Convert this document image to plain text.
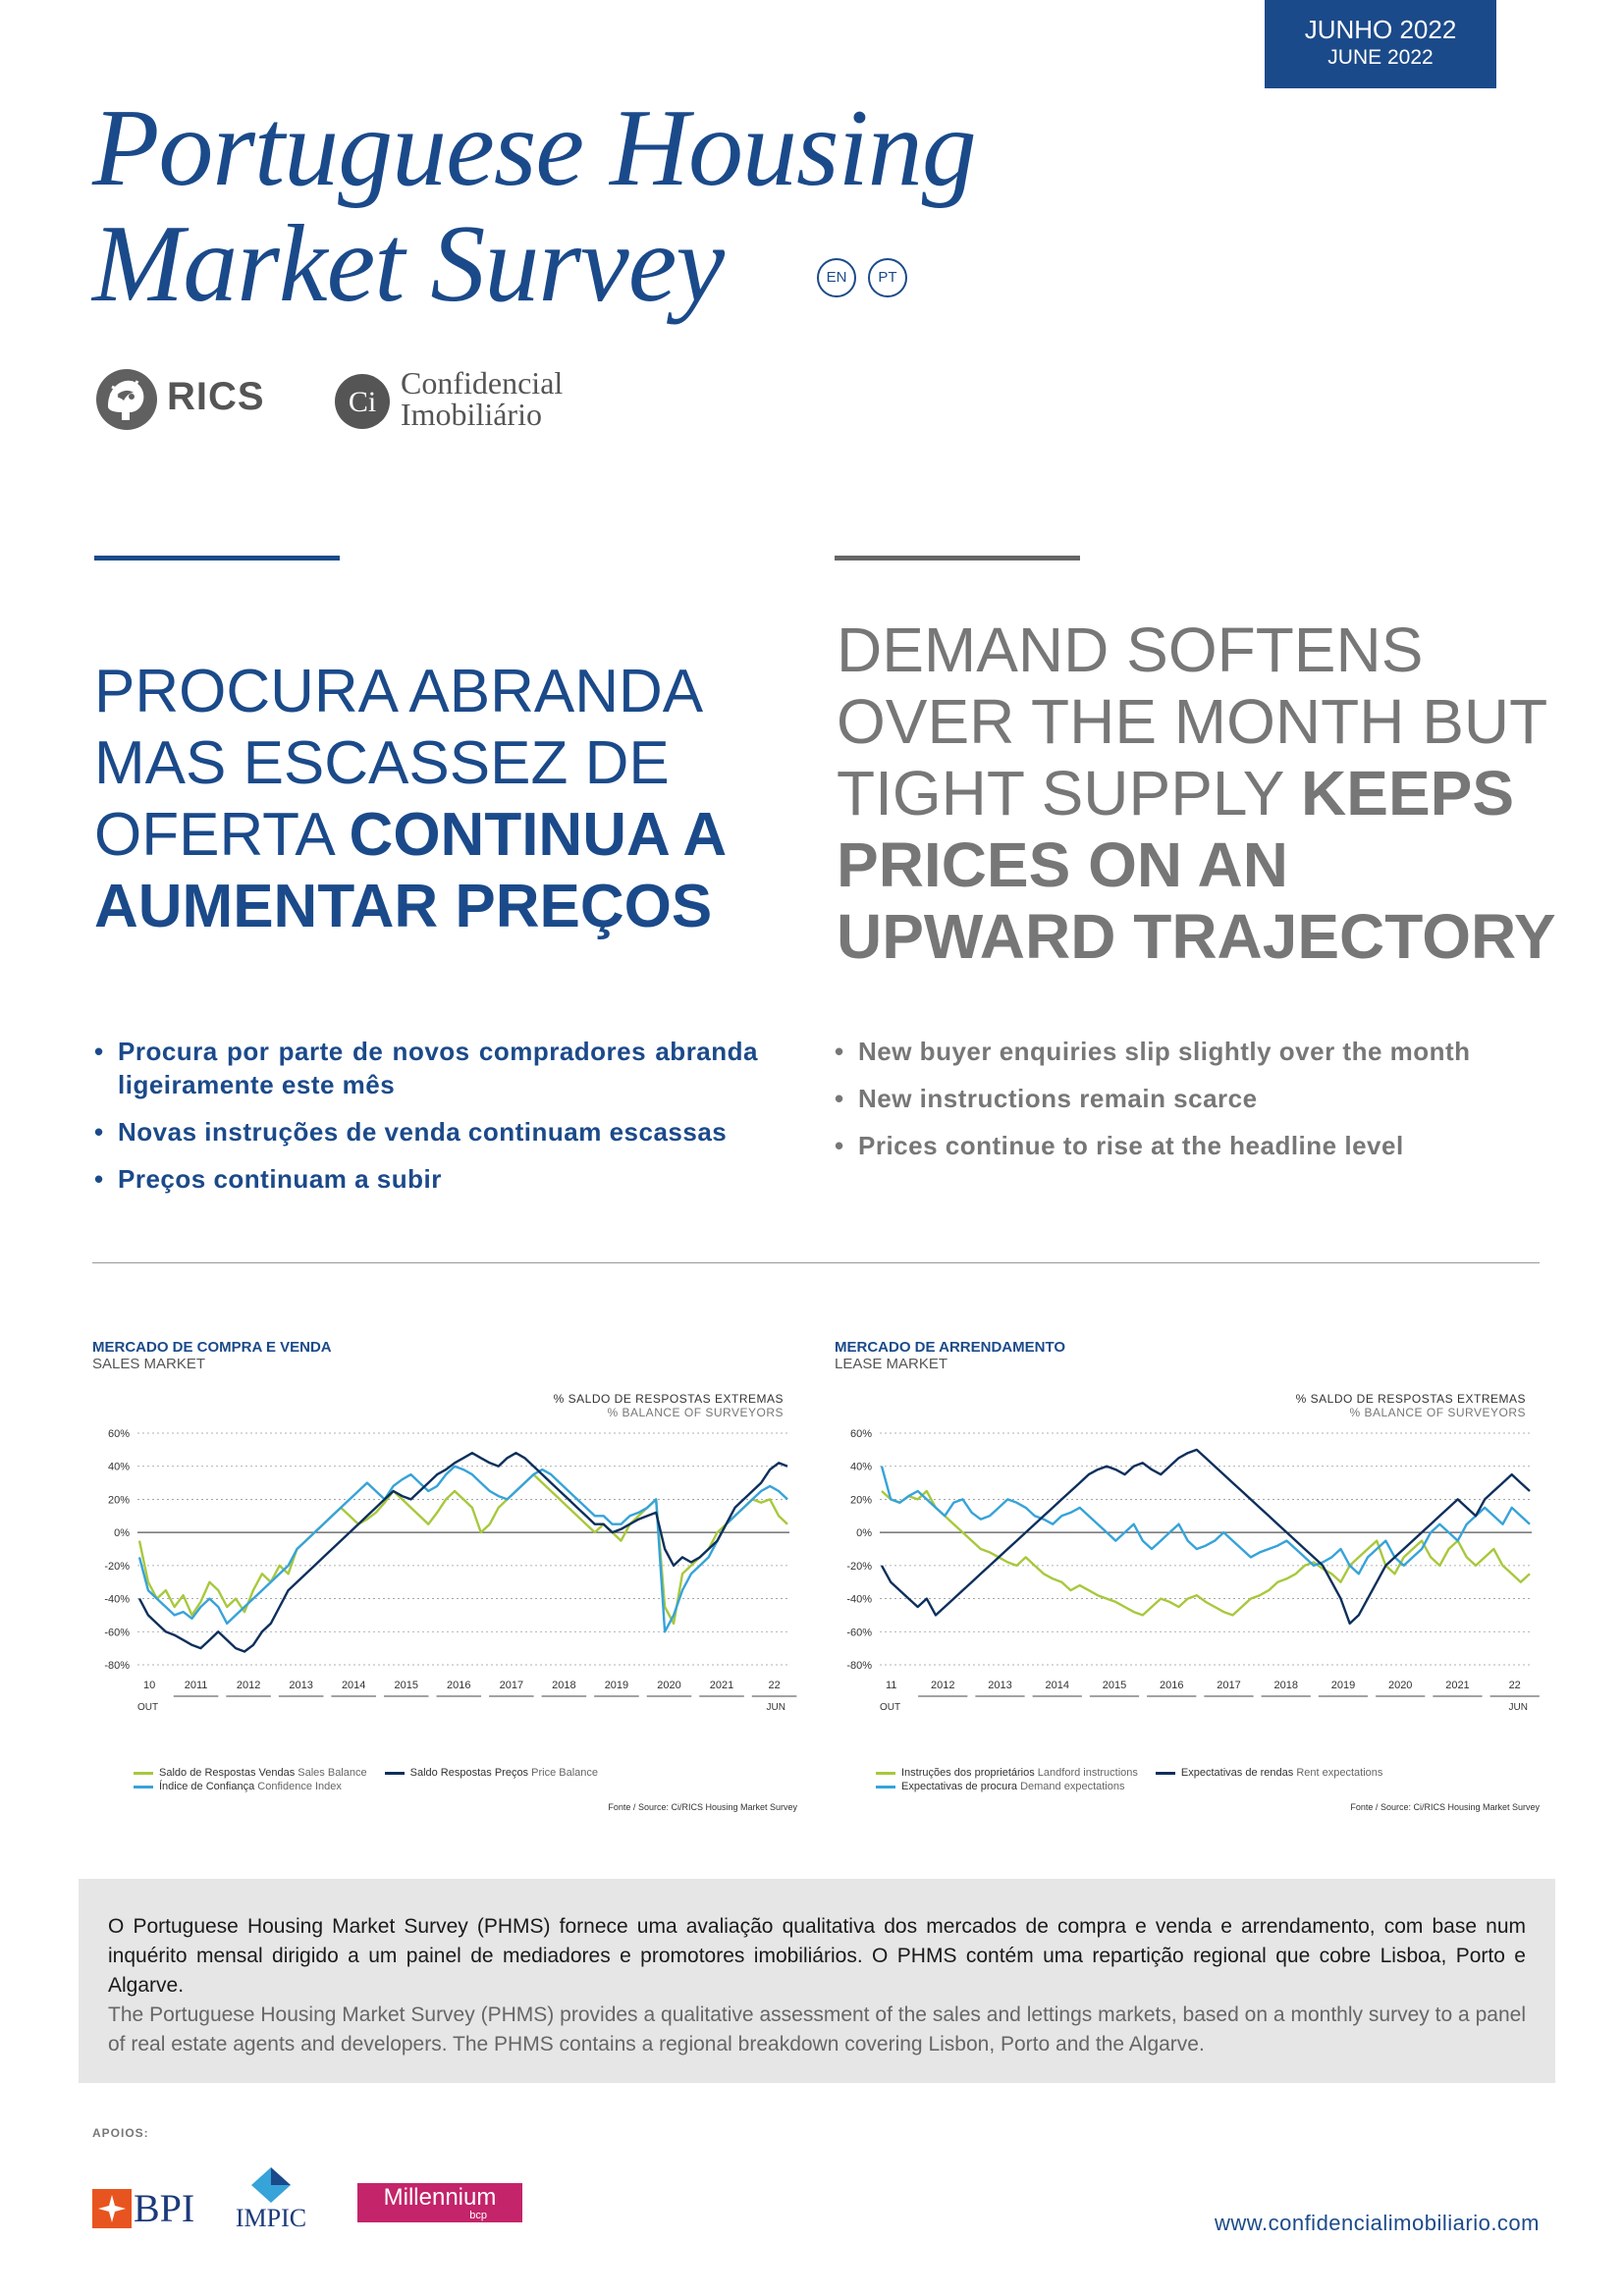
JUNHO 2022
JUNE 2022
Portuguese Housing
Market Survey	EN	PT
RICS	Ci
Confidencial
Imobiliário
PROCURA ABRANDA MAS ESCASSEZ DE OFERTA CONTINUA A AUMENTAR PREÇOS
DEMAND SOFTENS OVER THE MONTH BUT TIGHT SUPPLY KEEPS PRICES ON AN UPWARD TRAJECTORY
• Procura por parte de novos compradores abranda ligeiramente este mês
• Novas instruções de venda continuam escassas
• Preços continuam a subir
• New buyer enquiries slip slightly over the month
• New instructions remain scarce
• Prices continue to rise at the headline level
MERCADO DE COMPRA E VENDA
SALES MARKET
% SALDO DE RESPOSTAS EXTREMAS
% BALANCE OF SURVEYORS
60%
40%
20%
0%
-20%
-40%
-60%
-80%
10	2011	2012	2013	2014	2015	2016	2017	2018	2019	2020	2021	22
OUT	JUN
Saldo de Respostas Vendas Sales Balance	Saldo Respostas Preços Price Balance
Índice de Confiança Confidence Index
Fonte / Source: Ci/RICS Housing Market Survey
MERCADO DE ARRENDAMENTO
LEASE MARKET
% SALDO DE RESPOSTAS EXTREMAS
% BALANCE OF SURVEYORS
60%
40%
20%
0%
-20%
-40%
-60%
-80%
11	2012	2013	2014	2015	2016	2017	2018	2019	2020	2021	22
OUT	JUN
Instruções dos proprietários Landford instructions	Expectativas de rendas Rent expectations
Expectativas de procura Demand expectations
Fonte / Source: Ci/RICS Housing Market Survey

O Portuguese Housing Market Survey (PHMS) fornece uma avaliação qualitativa dos mercados de compra e venda e arrendamento, com base num inquérito mensal dirigido a um painel de mediadores e promotores imobiliários. O PHMS contém uma repartição regional que cobre Lisboa, Porto e Algarve.

The Portuguese Housing Market Survey (PHMS) provides a qualitative assessment of the sales and lettings markets, based on a monthly survey to a panel of real estate agents and developers. The PHMS contains a regional breakdown covering Lisbon, Porto and the Algarve.

APOIOS:
BPI	IMPIC
Millennium
bcp	www.confidencialimobiliario.com
